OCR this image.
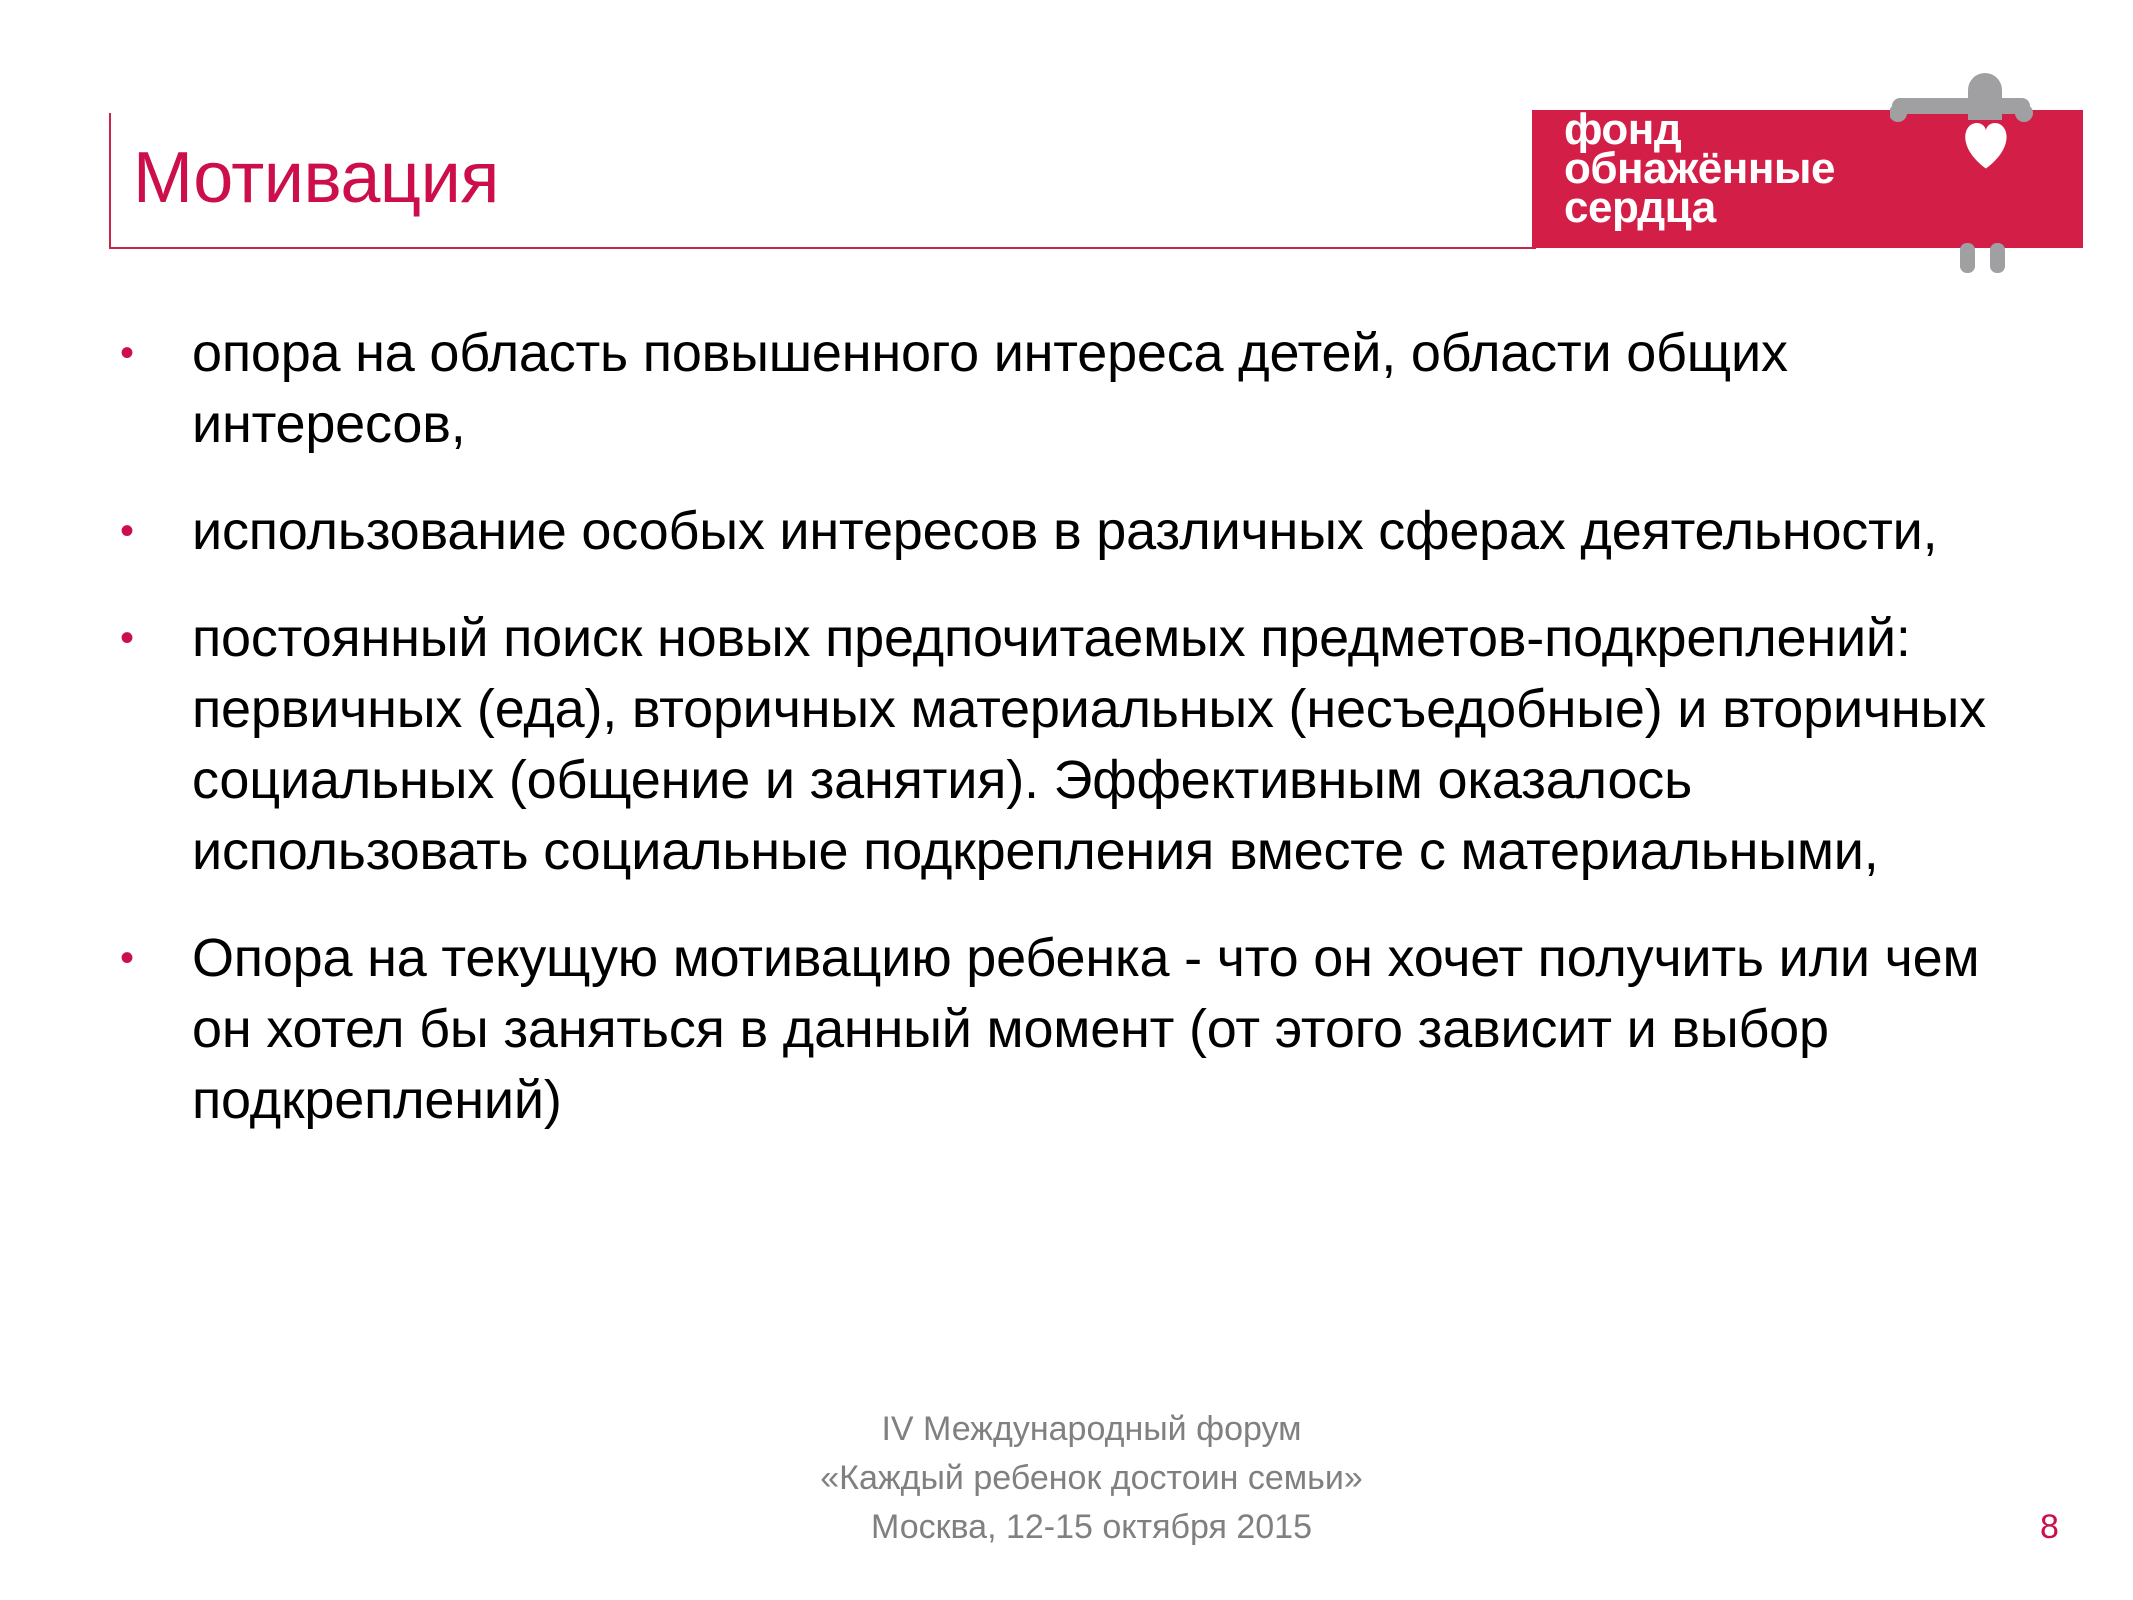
Мотивация
фонд
обнажённые
сердца
• опора на область повышенного интереса детей, области общих интересов,
• использование особых интересов в различных сферах деятельности,
• постоянный поиск новых предпочитаемых предметов-подкреплений: первичных (еда), вторичных материальных (несъедобные) и вторичных социальных (общение и занятия). Эффективным оказалось использовать социальные подкрепления вместе с материальными,
• Опора на текущую мотивацию ребенка - что он хочет получить или чем он хотел бы заняться в данный момент (от этого зависит и выбор подкреплений)
IV Международный форум
«Каждый ребенок достоин семьи»
Москва, 12-15 октября 2015	8
